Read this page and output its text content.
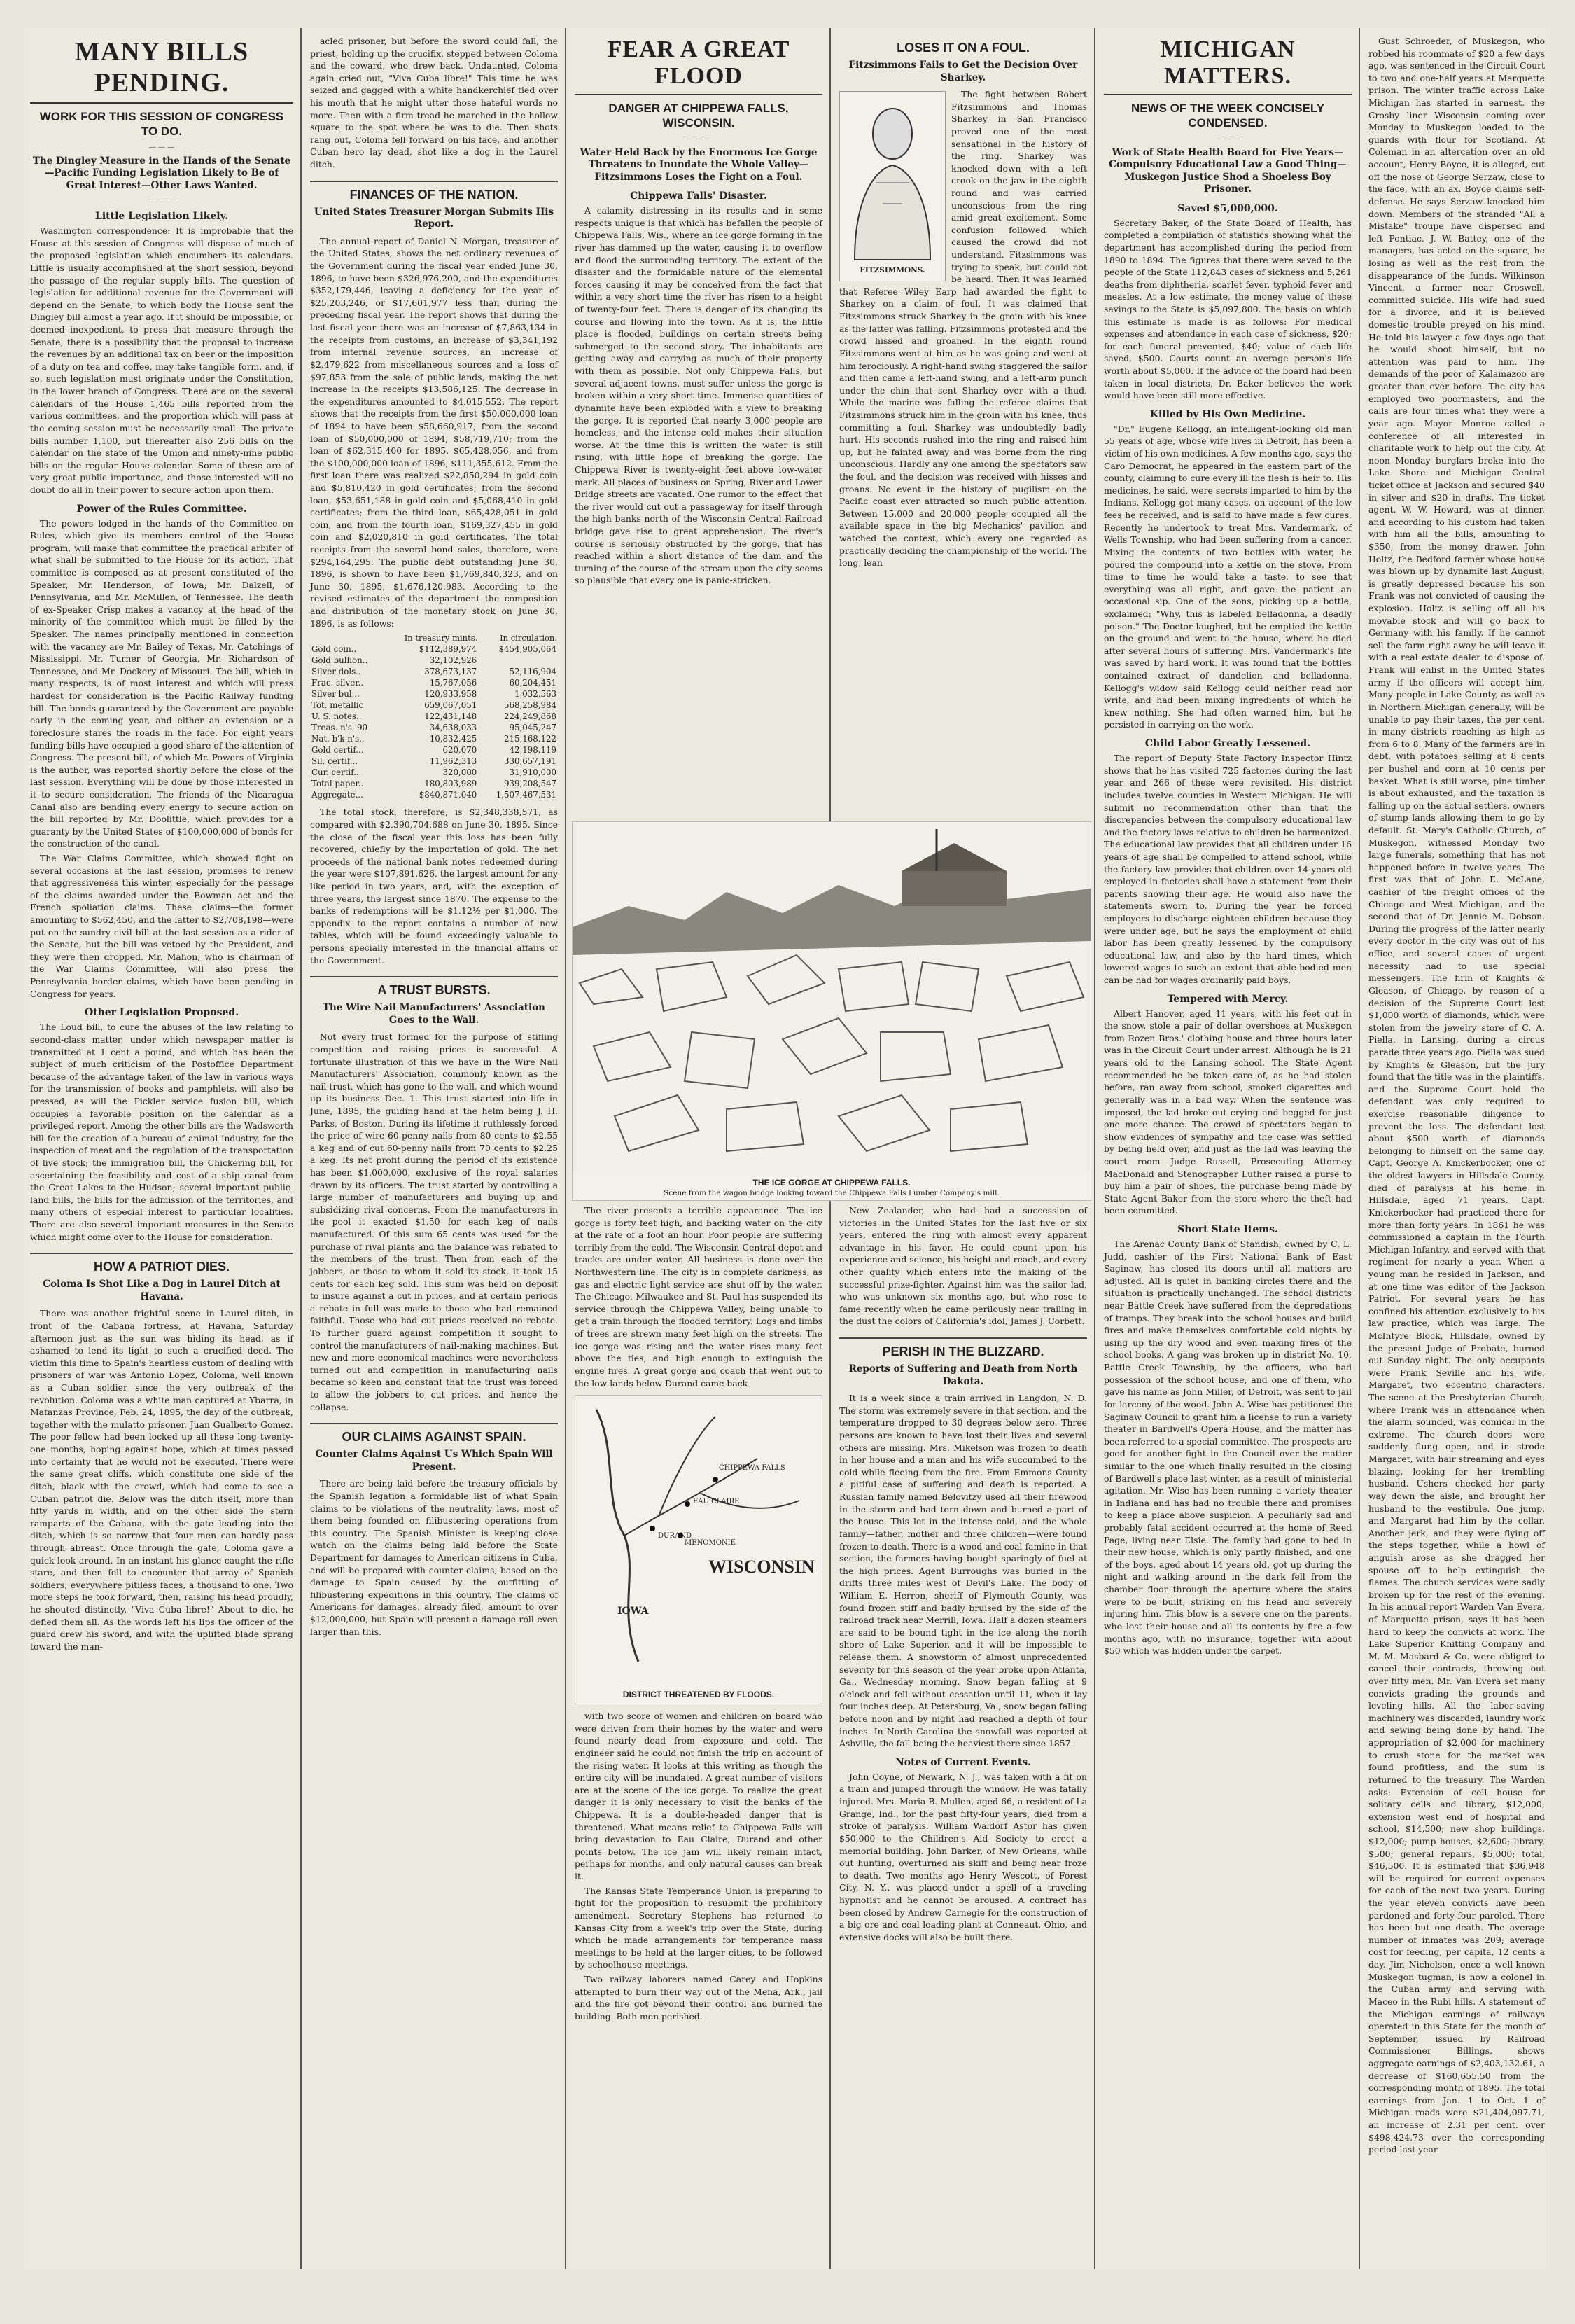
MANY BILLS PENDING.
WORK FOR THIS SESSION OF CONGRESS TO DO.
— — —
The Dingley Measure in the Hands of the Senate—Pacific Funding Legislation Likely to Be of Great Interest—Other Laws Wanted.
————
Little Legislation Likely.

Washington correspondence: It is improbable that the House at this session of Congress will dispose of much of the proposed legislation which encumbers its calendars. Little is usually accomplished at the short session, beyond the passage of the regular supply bills. The question of legislation for additional revenue for the Government will depend on the Senate, to which body the House sent the Dingley bill almost a year ago. If it should be impossible, or deemed inexpedient, to press that measure through the Senate, there is a possibility that the proposal to increase the revenues by an additional tax on beer or the imposition of a duty on tea and coffee, may take tangible form, and, if so, such legislation must originate under the Constitution, in the lower branch of Congress. There are on the several calendars of the House 1,465 bills reported from the various committees, and the proportion which will pass at the coming session must be necessarily small. The private bills number 1,100, but thereafter also 256 bills on the calendar on the state of the Union and ninety-nine public bills on the regular House calendar. Some of these are of very great public importance, and those interested will no doubt do all in their power to secure action upon them.

Power of the Rules Committee.

The powers lodged in the hands of the Committee on Rules, which give its members control of the House program, will make that committee the practical arbiter of what shall be submitted to the House for its action. That committee is composed as at present constituted of the Speaker, Mr. Henderson, of Iowa; Mr. Dalzell, of Pennsylvania, and Mr. McMillen, of Tennessee. The death of ex-Speaker Crisp makes a vacancy at the head of the minority of the committee which must be filled by the Speaker. The names principally mentioned in connection with the vacancy are Mr. Bailey of Texas, Mr. Catchings of Mississippi, Mr. Turner of Georgia, Mr. Richardson of Tennessee, and Mr. Dockery of Missouri. The bill, which in many respects, is of most interest and which will press hardest for consideration is the Pacific Railway funding bill. The bonds guaranteed by the Government are payable early in the coming year, and either an extension or a foreclosure stares the roads in the face. For eight years funding bills have occupied a good share of the attention of Congress. The present bill, of which Mr. Powers of Virginia is the author, was reported shortly before the close of the last session. Everything will be done by those interested in it to secure consideration. The friends of the Nicaragua Canal also are bending every energy to secure action on the bill reported by Mr. Doolittle, which provides for a guaranty by the United States of $100,000,000 of bonds for the construction of the canal.

The War Claims Committee, which showed fight on several occasions at the last session, promises to renew that aggressiveness this winter, especially for the passage of the claims awarded under the Bowman act and the French spoliation claims. These claims—the former amounting to $562,450, and the latter to $2,708,198—were put on the sundry civil bill at the last session as a rider of the Senate, but the bill was vetoed by the President, and they were then dropped. Mr. Mahon, who is chairman of the War Claims Committee, will also press the Pennsylvania border claims, which have been pending in Congress for years.

Other Legislation Proposed.

The Loud bill, to cure the abuses of the law relating to second-class matter, under which newspaper matter is transmitted at 1 cent a pound, and which has been the subject of much criticism of the Postoffice Department because of the advantage taken of the law in various ways for the transmission of books and pamphlets, will also be pressed, as will the Pickler service fusion bill, which occupies a favorable position on the calendar as a privileged report. Among the other bills are the Wadsworth bill for the creation of a bureau of animal industry, for the inspection of meat and the regulation of the transportation of live stock; the immigration bill, the Chickering bill, for ascertaining the feasibility and cost of a ship canal from the Great Lakes to the Hudson; several important public-land bills, the bills for the admission of the territories, and many others of especial interest to particular localities. There are also several important measures in the Senate which might come over to the House for consideration.

HOW A PATRIOT DIES.
Coloma Is Shot Like a Dog in Laurel Ditch at Havana.

There was another frightful scene in Laurel ditch, in front of the Cabana fortress, at Havana, Saturday afternoon just as the sun was hiding its head, as if ashamed to lend its light to such a crucified deed. The victim this time to Spain's heartless custom of dealing with prisoners of war was Antonio Lopez, Coloma, well known as a Cuban soldier since the very outbreak of the revolution. Coloma was a white man captured at Ybarra, in Matanzas Province, Feb. 24, 1895, the day of the outbreak, together with the mulatto prisoner, Juan Gualberto Gomez. The poor fellow had been locked up all these long twenty-one months, hoping against hope, which at times passed into certainty that he would not be executed. There were the same great cliffs, which constitute one side of the ditch, black with the crowd, which had come to see a Cuban patriot die. Below was the ditch itself, more than fifty yards in width, and on the other side the stern ramparts of the Cabana, with the gate leading into the ditch, which is so narrow that four men can hardly pass through abreast. Once through the gate, Coloma gave a quick look around. In an instant his glance caught the rifle stare, and then fell to encounter that array of Spanish soldiers, everywhere pitiless faces, a thousand to one. Two more steps he took forward, then, raising his head proudly, he shouted distinctly, "Viva Cuba libre!" About to die, he defied them all. As the words left his lips the officer of the guard drew his sword, and with the uplifted blade sprang toward the man-

acled prisoner, but before the sword could fall, the priest, holding up the crucifix, stepped between Coloma and the coward, who drew back. Undaunted, Coloma again cried out, "Viva Cuba libre!" This time he was seized and gagged with a white handkerchief tied over his mouth that he might utter those hateful words no more. Then with a firm tread he marched in the hollow square to the spot where he was to die. Then shots rang out, Coloma fell forward on his face, and another Cuban hero lay dead, shot like a dog in the Laurel ditch.

FINANCES OF THE NATION.
United States Treasurer Morgan Submits His Report.

The annual report of Daniel N. Morgan, treasurer of the United States, shows the net ordinary revenues of the Government during the fiscal year ended June 30, 1896, to have been $326,976,200, and the expenditures $352,179,446, leaving a deficiency for the year of $25,203,246, or $17,601,977 less than during the preceding fiscal year. The report shows that during the last fiscal year there was an increase of $7,863,134 in the receipts from customs, an increase of $3,341,192 from internal revenue sources, an increase of $2,479,622 from miscellaneous sources and a loss of $97,853 from the sale of public lands, making the net increase in the receipts $13,586,125. The decrease in the expenditures amounted to $4,015,552. The report shows that the receipts from the first $50,000,000 loan of 1894 to have been $58,660,917; from the second loan of $50,000,000 of 1894, $58,719,710; from the loan of $62,315,400 for 1895, $65,428,056, and from the $100,000,000 loan of 1896, $111,355,612. From the first loan there was realized $22,850,294 in gold coin and $5,810,420 in gold certificates; from the second loan, $53,651,188 in gold coin and $5,068,410 in gold certificates; from the third loan, $65,428,051 in gold coin, and from the fourth loan, $169,327,455 in gold coin and $2,020,810 in gold certificates. The total receipts from the several bond sales, therefore, were $294,164,295. The public debt outstanding June 30, 1896, is shown to have been $1,769,840,323, and on June 30, 1895, $1,676,120,983. According to the revised estimates of the department the composition and distribution of the monetary stock on June 30, 1896, is as follows:

	In treasury mints.	In circulation.
Gold coin..	$112,389,974	$454,905,064
Gold bullion..	32,102,926	
Silver dols..	378,673,137	52,116,904
Frac. silver..	15,767,056	60,204,451
Silver bul...	120,933,958	1,032,563
Tot. metallic	659,067,051	568,258,984
U. S. notes..	122,431,148	224,249,868
Treas. n's '90	34,638,033	95,045,247
Nat. b'k n's..	10,832,425	215,168,122
Gold certif...	620,070	42,198,119
Sil. certif...	11,962,313	330,657,191
Cur. certif...	320,000	31,910,000
Total paper..	180,803,989	939,208,547
Aggregate...	$840,871,040	1,507,467,531

The total stock, therefore, is $2,348,338,571, as compared with $2,390,704,688 on June 30, 1895. Since the close of the fiscal year this loss has been fully recovered, chiefly by the importation of gold. The net proceeds of the national bank notes redeemed during the year were $107,891,626, the largest amount for any like period in two years, and, with the exception of three years, the largest since 1870. The expense to the banks of redemptions will be $1.12½ per $1,000. The appendix to the report contains a number of new tables, which will be found exceedingly valuable to persons specially interested in the financial affairs of the Government.

A TRUST BURSTS.
The Wire Nail Manufacturers' Association Goes to the Wall.

Not every trust formed for the purpose of stifling competition and raising prices is successful. A fortunate illustration of this we have in the Wire Nail Manufacturers' Association, commonly known as the nail trust, which has gone to the wall, and which wound up its business Dec. 1. This trust started into life in June, 1895, the guiding hand at the helm being J. H. Parks, of Boston. During its lifetime it ruthlessly forced the price of wire 60-penny nails from 80 cents to $2.55 a keg and of cut 60-penny nails from 70 cents to $2.25 a keg. Its net profit during the period of its existence has been $1,000,000, exclusive of the royal salaries drawn by its officers. The trust started by controlling a large number of manufacturers and buying up and subsidizing rival concerns. From the manufacturers in the pool it exacted $1.50 for each keg of nails manufactured. Of this sum 65 cents was used for the purchase of rival plants and the balance was rebated to the members of the trust. Then from each of the jobbers, or those to whom it sold its stock, it took 15 cents for each keg sold. This sum was held on deposit to insure against a cut in prices, and at certain periods a rebate in full was made to those who had remained faithful. Those who had cut prices received no rebate. To further guard against competition it sought to control the manufacturers of nail-making machines. But new and more economical machines were nevertheless turned out and competition in manufacturing nails became so keen and constant that the trust was forced to allow the jobbers to cut prices, and hence the collapse.

OUR CLAIMS AGAINST SPAIN.
Counter Claims Against Us Which Spain Will Present.

There are being laid before the treasury officials by the Spanish legation a formidable list of what Spain claims to be violations of the neutrality laws, most of them being founded on filibustering operations from this country. The Spanish Minister is keeping close watch on the claims being laid before the State Department for damages to American citizens in Cuba, and will be prepared with counter claims, based on the damage to Spain caused by the outfitting of filibustering expeditions in this country. The claims of Americans for damages, already filed, amount to over $12,000,000, but Spain will present a damage roll even larger than this.

FEAR A GREAT FLOOD
DANGER AT CHIPPEWA FALLS, WISCONSIN.
— — —
Water Held Back by the Enormous Ice Gorge Threatens to Inundate the Whole Valley—Fitzsimmons Loses the Fight on a Foul.
Chippewa Falls' Disaster.

A calamity distressing in its results and in some respects unique is that which has befallen the people of Chippewa Falls, Wis., where an ice gorge forming in the river has dammed up the water, causing it to overflow and flood the surrounding territory. The extent of the disaster and the formidable nature of the elemental forces causing it may be conceived from the fact that within a very short time the river has risen to a height of twenty-four feet. There is danger of its changing its course and flowing into the town. As it is, the little place is flooded, buildings on certain streets being submerged to the second story. The inhabitants are getting away and carrying as much of their property with them as possible. Not only Chippewa Falls, but several adjacent towns, must suffer unless the gorge is broken within a very short time. Immense quantities of dynamite have been exploded with a view to breaking the gorge. It is reported that nearly 3,000 people are homeless, and the intense cold makes their situation worse. At the time this is written the water is still rising, with little hope of breaking the gorge. The Chippewa River is twenty-eight feet above low-water mark. All places of business on Spring, River and Lower Bridge streets are vacated. One rumor to the effect that the river would cut out a passageway for itself through the high banks north of the Wisconsin Central Railroad bridge gave rise to great apprehension. The river's course is seriously obstructed by the gorge, that has reached within a short distance of the dam and the turning of the course of the stream upon the city seems so plausible that every one is panic-stricken.

THE ICE GORGE AT CHIPPEWA FALLS.
Scene from the wagon bridge looking toward the Chippewa Falls Lumber Company's mill.

The river presents a terrible appearance. The ice gorge is forty feet high, and backing water on the city at the rate of a foot an hour. Poor people are suffering terribly from the cold. The Wisconsin Central depot and tracks are under water. All business is done over the Northwestern line. The city is in complete darkness, as gas and electric light service are shut off by the water. The Chicago, Milwaukee and St. Paul has suspended its service through the Chippewa Valley, being unable to get a train through the flooded territory. Logs and limbs of trees are strewn many feet high on the streets. The ice gorge was rising and the water rises many feet above the ties, and high enough to extinguish the engine fires. A great gorge and coach that went out to the low lands below Durand came back

WISCONSIN
CHIPPEWA FALLS
EAU CLAIRE
DURAND
MENOMONIE
IOWA
DISTRICT THREATENED BY FLOODS.

with two score of women and children on board who were driven from their homes by the water and were found nearly dead from exposure and cold. The engineer said he could not finish the trip on account of the rising water. It looks at this writing as though the entire city will be inundated. A great number of visitors are at the scene of the ice gorge. To realize the great danger it is only necessary to visit the banks of the Chippewa. It is a double-headed danger that is threatened. What means relief to Chippewa Falls will bring devastation to Eau Claire, Durand and other points below. The ice jam will likely remain intact, perhaps for months, and only natural causes can break it.

The Kansas State Temperance Union is preparing to fight for the proposition to resubmit the prohibitory amendment. Secretary Stephens has returned to Kansas City from a week's trip over the State, during which he made arrangements for temperance mass meetings to be held at the larger cities, to be followed by schoolhouse meetings.

Two railway laborers named Carey and Hopkins attempted to burn their way out of the Mena, Ark., jail and the fire got beyond their control and burned the building. Both men perished.

LOSES IT ON A FOUL.
Fitzsimmons Fails to Get the Decision Over Sharkey.
FITZSIMMONS.

The fight between Robert Fitzsimmons and Thomas Sharkey in San Francisco proved one of the most sensational in the history of the ring. Sharkey was knocked down with a left crook on the jaw in the eighth round and was carried unconscious from the ring amid great excitement. Some confusion followed which caused the crowd did not understand. Fitzsimmons was trying to speak, but could not be heard. Then it was learned that Referee Wiley Earp had awarded the fight to Sharkey on a claim of foul. It was claimed that Fitzsimmons struck Sharkey in the groin with his knee as the latter was falling. Fitzsimmons protested and the crowd hissed and groaned. In the eighth round Fitzsimmons went at him as he was going and went at him ferociously. A right-hand swing staggered the sailor and then came a left-hand swing, and a left-arm punch under the chin that sent Sharkey over with a thud. While the marine was falling the referee claims that Fitzsimmons struck him in the groin with his knee, thus committing a foul. Sharkey was undoubtedly badly hurt. His seconds rushed into the ring and raised him up, but he fainted away and was borne from the ring unconscious. Hardly any one among the spectators saw the foul, and the decision was received with hisses and groans. No event in the history of pugilism on the Pacific coast ever attracted so much public attention. Between 15,000 and 20,000 people occupied all the available space in the big Mechanics' pavilion and watched the contest, which every one regarded as practically deciding the championship of the world. The long, lean

New Zealander, who had had a succession of victories in the United States for the last five or six years, entered the ring with almost every apparent advantage in his favor. He could count upon his experience and science, his height and reach, and every other quality which enters into the making of the successful prize-fighter. Against him was the sailor lad, who was unknown six months ago, but who rose to fame recently when he came perilously near trailing in the dust the colors of California's idol, James J. Corbett.

PERISH IN THE BLIZZARD.
Reports of Suffering and Death from North Dakota.

It is a week since a train arrived in Langdon, N. D. The storm was extremely severe in that section, and the temperature dropped to 30 degrees below zero. Three persons are known to have lost their lives and several others are missing. Mrs. Mikelson was frozen to death in her house and a man and his wife succumbed to the cold while fleeing from the fire. From Emmons County a pitiful case of suffering and death is reported. A Russian family named Belovitzy used all their firewood in the storm and had torn down and burned a part of the house. This let in the intense cold, and the whole family—father, mother and three children—were found frozen to death. There is a wood and coal famine in that section, the farmers having bought sparingly of fuel at the high prices. Agent Burroughs was buried in the drifts three miles west of Devil's Lake. The body of William E. Herron, sheriff of Plymouth County, was found frozen stiff and badly bruised by the side of the railroad track near Merrill, Iowa. Half a dozen steamers are said to be bound tight in the ice along the north shore of Lake Superior, and it will be impossible to release them. A snowstorm of almost unprecedented severity for this season of the year broke upon Atlanta, Ga., Wednesday morning. Snow began falling at 9 o'clock and fell without cessation until 11, when it lay four inches deep. At Petersburg, Va., snow began falling before noon and by night had reached a depth of four inches. In North Carolina the snowfall was reported at Ashville, the fall being the heaviest there since 1857.

Notes of Current Events.

John Coyne, of Newark, N. J., was taken with a fit on a train and jumped through the window. He was fatally injured. Mrs. Maria B. Mullen, aged 66, a resident of La Grange, Ind., for the past fifty-four years, died from a stroke of paralysis. William Waldorf Astor has given $50,000 to the Children's Aid Society to erect a memorial building. John Barker, of New Orleans, while out hunting, overturned his skiff and being near froze to death. Two months ago Henry Wescott, of Forest City, N. Y., was placed under a spell of a traveling hypnotist and he cannot be aroused. A contract has been closed by Andrew Carnegie for the construction of a big ore and coal loading plant at Conneaut, Ohio, and extensive docks will also be built there.

MICHIGAN MATTERS.
NEWS OF THE WEEK CONCISELY CONDENSED.
— — —
Work of State Health Board for Five Years—Compulsory Educational Law a Good Thing—Muskegon Justice Shod a Shoeless Boy Prisoner.
Saved $5,000,000.

Secretary Baker, of the State Board of Health, has completed a compilation of statistics showing what the department has accomplished during the period from 1890 to 1894. The figures that there were saved to the people of the State 112,843 cases of sickness and 5,261 deaths from diphtheria, scarlet fever, typhoid fever and measles. At a low estimate, the money value of these savings to the State is $5,097,800. The basis on which this estimate is made is as follows: For medical expenses and attendance in each case of sickness, $20; for each funeral prevented, $40; value of each life saved, $500. Courts count an average person's life worth about $5,000. If the advice of the board had been taken in local districts, Dr. Baker believes the work would have been still more effective.

Killed by His Own Medicine.

"Dr." Eugene Kellogg, an intelligent-looking old man 55 years of age, whose wife lives in Detroit, has been a victim of his own medicines. A few months ago, says the Caro Democrat, he appeared in the eastern part of the county, claiming to cure every ill the flesh is heir to. His medicines, he said, were secrets imparted to him by the Indians. Kellogg got many cases, on account of the low fees he received, and is said to have made a few cures. Recently he undertook to treat Mrs. Vandermark, of Wells Township, who had been suffering from a cancer. Mixing the contents of two bottles with water, he poured the compound into a kettle on the stove. From time to time he would take a taste, to see that everything was all right, and gave the patient an occasional sip. One of the sons, picking up a bottle, exclaimed: "Why, this is labeled belladonna, a deadly poison." The Doctor laughed, but he emptied the kettle on the ground and went to the house, where he died after several hours of suffering. Mrs. Vandermark's life was saved by hard work. It was found that the bottles contained extract of dandelion and belladonna. Kellogg's widow said Kellogg could neither read nor write, and had been mixing ingredients of which he knew nothing. She had often warned him, but he persisted in carrying on the work.

Child Labor Greatly Lessened.

The report of Deputy State Factory Inspector Hintz shows that he has visited 725 factories during the last year and 266 of these were revisited. His district includes twelve counties in Western Michigan. He will submit no recommendation other than that the discrepancies between the compulsory educational law and the factory laws relative to children be harmonized. The educational law provides that all children under 16 years of age shall be compelled to attend school, while the factory law provides that children over 14 years old employed in factories shall have a statement from their parents showing their age. He would also have the statements sworn to. During the year he forced employers to discharge eighteen children because they were under age, but he says the employment of child labor has been greatly lessened by the compulsory educational law, and also by the hard times, which lowered wages to such an extent that able-bodied men can be had for wages ordinarily paid boys.

Tempered with Mercy.

Albert Hanover, aged 11 years, with his feet out in the snow, stole a pair of dollar overshoes at Muskegon from Rozen Bros.' clothing house and three hours later was in the Circuit Court under arrest. Although he is 21 years old to the Lansing school. The State Agent recommended he be taken care of, as he had stolen before, ran away from school, smoked cigarettes and generally was in a bad way. When the sentence was imposed, the lad broke out crying and begged for just one more chance. The crowd of spectators began to show evidences of sympathy and the case was settled by being held over, and just as the lad was leaving the court room Judge Russell, Prosecuting Attorney MacDonald and Stenographer Luther raised a purse to buy him a pair of shoes, the purchase being made by State Agent Baker from the store where the theft had been committed.

Short State Items.

The Arenac County Bank of Standish, owned by C. L. Judd, cashier of the First National Bank of East Saginaw, has closed its doors until all matters are adjusted. All is quiet in banking circles there and the situation is practically unchanged. The school districts near Battle Creek have suffered from the depredations of tramps. They break into the school houses and build fires and make themselves comfortable cold nights by using up the dry wood and even making fires of the school books. A gang was broken up in district No. 10, Battle Creek Township, by the officers, who had possession of the school house, and one of them, who gave his name as John Miller, of Detroit, was sent to jail for larceny of the wood. John A. Wise has petitioned the Saginaw Council to grant him a license to run a variety theater in Bardwell's Opera House, and the matter has been referred to a special committee. The prospects are good for another fight in the Council over the matter similar to the one which finally resulted in the closing of Bardwell's place last winter, as a result of ministerial agitation. Mr. Wise has been running a variety theater in Indiana and has had no trouble there and promises to keep a place above suspicion. A peculiarly sad and probably fatal accident occurred at the home of Reed Page, living near Elsie. The family had gone to bed in their new house, which is only partly finished, and one of the boys, aged about 14 years old, got up during the night and walking around in the dark fell from the chamber floor through the aperture where the stairs were to be built, striking on his head and severely injuring him. This blow is a severe one on the parents, who lost their house and all its contents by fire a few months ago, with no insurance, together with about $50 which was hidden under the carpet.

Gust Schroeder, of Muskegon, who robbed his roommate of $20 a few days ago, was sentenced in the Circuit Court to two and one-half years at Marquette prison. The winter traffic across Lake Michigan has started in earnest, the Crosby liner Wisconsin coming over Monday to Muskegon loaded to the guards with flour for Scotland. At Coleman in an altercation over an old account, Henry Boyce, it is alleged, cut off the nose of George Serzaw, close to the face, with an ax. Boyce claims self-defense. He says Serzaw knocked him down. Members of the stranded "All a Mistake" troupe have dispersed and left Pontiac. J. W. Battey, one of the managers, has acted on the square, he losing as well as the rest from the disappearance of the funds. Wilkinson Vincent, a farmer near Croswell, committed suicide. His wife had sued for a divorce, and it is believed domestic trouble preyed on his mind. He told his lawyer a few days ago that he would shoot himself, but no attention was paid to him. The demands of the poor of Kalamazoo are greater than ever before. The city has employed two poormasters, and the calls are four times what they were a year ago. Mayor Monroe called a conference of all interested in charitable work to help out the city. At noon Monday burglars broke into the Lake Shore and Michigan Central ticket office at Jackson and secured $40 in silver and $20 in drafts. The ticket agent, W. W. Howard, was at dinner, and according to his custom had taken with him all the bills, amounting to $350, from the money drawer. John Holtz, the Bedford farmer whose house was blown up by dynamite last August, is greatly depressed because his son Frank was not convicted of causing the explosion. Holtz is selling off all his movable stock and will go back to Germany with his family. If he cannot sell the farm right away he will leave it with a real estate dealer to dispose of. Frank will enlist in the United States army if the officers will accept him. Many people in Lake County, as well as in Northern Michigan generally, will be unable to pay their taxes, the per cent. in many districts reaching as high as from 6 to 8. Many of the farmers are in debt, with potatoes selling at 8 cents per bushel and corn at 10 cents per basket. What is still worse, pine timber is about exhausted, and the taxation is falling up on the actual settlers, owners of stump lands allowing them to go by default. St. Mary's Catholic Church, of Muskegon, witnessed Monday two large funerals, something that has not happened before in twelve years. The first was that of John E. McLane, cashier of the freight offices of the Chicago and West Michigan, and the second that of Dr. Jennie M. Dobson. During the progress of the latter nearly every doctor in the city was out of his office, and several cases of urgent necessity had to use special messengers. The firm of Knights & Gleason, of Chicago, by reason of a decision of the Supreme Court lost $1,000 worth of diamonds, which were stolen from the jewelry store of C. A. Piella, in Lansing, during a circus parade three years ago. Piella was sued by Knights & Gleason, but the jury found that the title was in the plaintiffs, and the Supreme Court held the defendant was only required to exercise reasonable diligence to prevent the loss. The defendant lost about $500 worth of diamonds belonging to himself on the same day. Capt. George A. Knickerbocker, one of the oldest lawyers in Hillsdale County, died of paralysis at his home in Hillsdale, aged 71 years. Capt. Knickerbocker had practiced there for more than forty years. In 1861 he was commissioned a captain in the Fourth Michigan Infantry, and served with that regiment for nearly a year. When a young man he resided in Jackson, and at one time was editor of the Jackson Patriot. For several years he has confined his attention exclusively to his law practice, which was large. The McIntyre Block, Hillsdale, owned by the present Judge of Probate, burned out Sunday night. The only occupants were Frank Seville and his wife, Margaret, two eccentric characters. The scene at the Presbyterian Church, where Frank was in attendance when the alarm sounded, was comical in the extreme. The church doors were suddenly flung open, and in strode Margaret, with hair streaming and eyes blazing, looking for her trembling husband. Ushers checked her party way down the aisle, and brought her husband to the vestibule. One jump, and Margaret had him by the collar. Another jerk, and they were flying off the steps together, while a howl of anguish arose as she dragged her spouse off to help extinguish the flames. The church services were sadly broken up for the rest of the evening. In his annual report Warden Van Evera, of Marquette prison, says it has been hard to keep the convicts at work. The Lake Superior Knitting Company and M. M. Masbard & Co. were obliged to cancel their contracts, throwing out over fifty men. Mr. Van Evera set many convicts grading the grounds and leveling hills. All the labor-saving machinery was discarded, laundry work and sewing being done by hand. The appropriation of $2,000 for machinery to crush stone for the market was found profitless, and the sum is returned to the treasury. The Warden asks: Extension of cell house for solitary cells and library, $12,000; extension west end of hospital and school, $14,500; new shop buildings, $12,000; pump houses, $2,600; library, $500; general repairs, $5,000; total, $46,500. It is estimated that $36,948 will be required for current expenses for each of the next two years. During the year eleven convicts have been pardoned and forty-four paroled. There has been but one death. The average number of inmates was 209; average cost for feeding, per capita, 12 cents a day. Jim Nicholson, once a well-known Muskegon tugman, is now a colonel in the Cuban army and serving with Maceo in the Rubi hills. A statement of the Michigan earnings of railways operated in this State for the month of September, issued by Railroad Commissioner Billings, shows aggregate earnings of $2,403,132.61, a decrease of $160,655.50 from the corresponding month of 1895. The total earnings from Jan. 1 to Oct. 1 of Michigan roads were $21,404,097.71, an increase of 2.31 per cent. over $498,424.73 over the corresponding period last year.
